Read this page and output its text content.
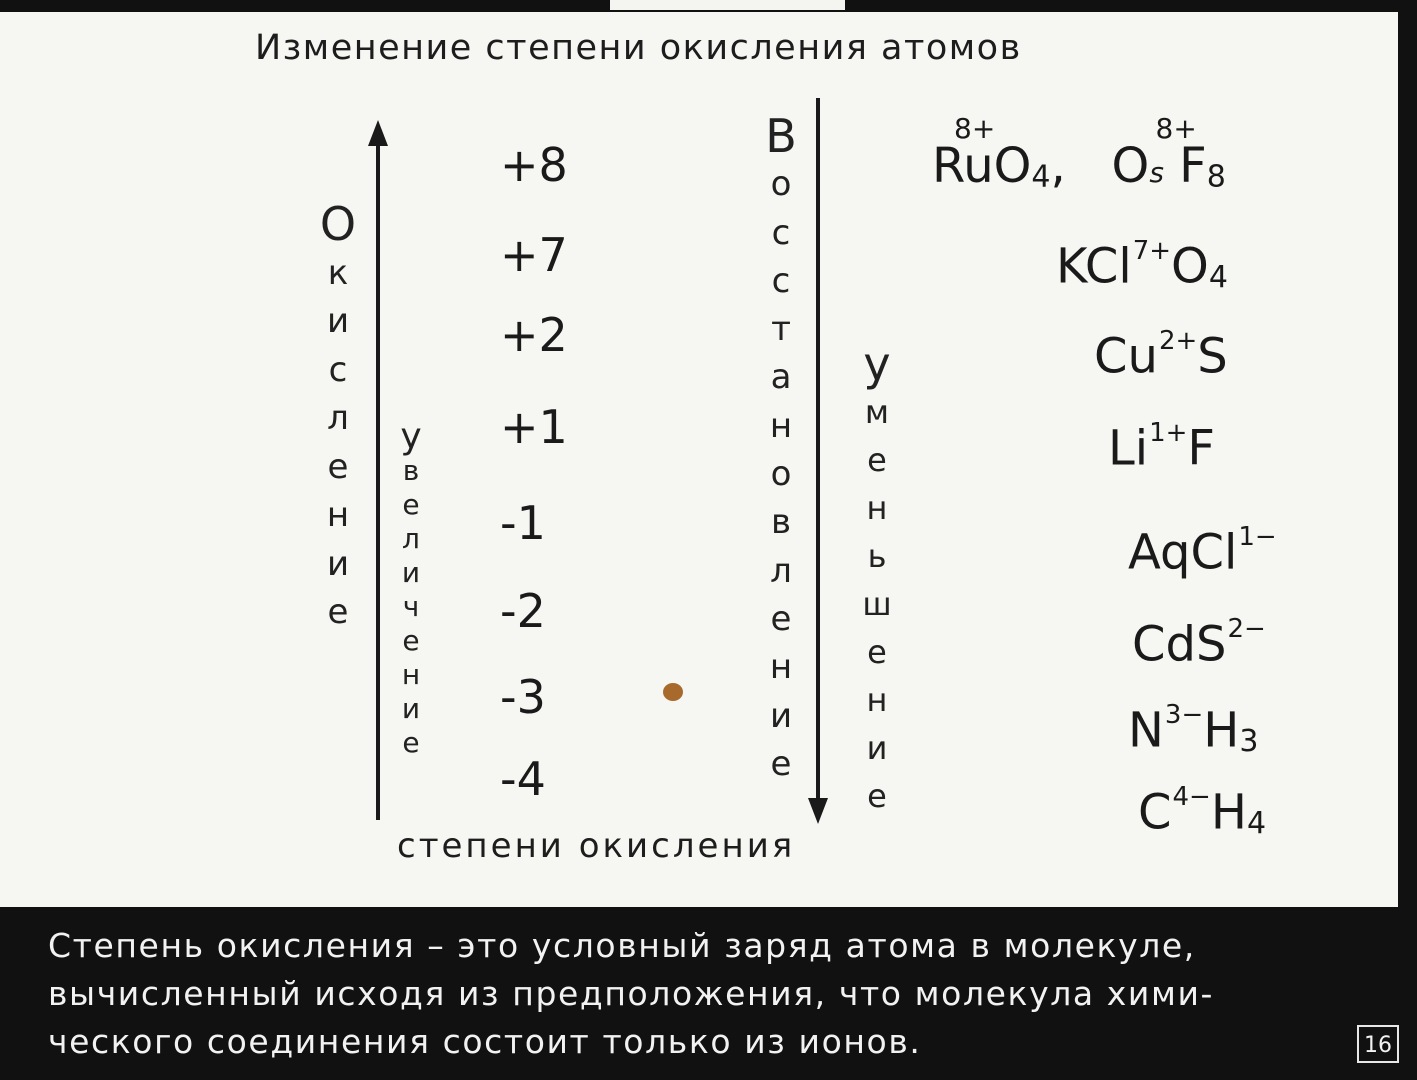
Изменение степени окисления атомов
О
к
и
с
л
е
н
и
е
у
в
е
л
и
ч
е
н
и
е
В
о
с
с
т
а
н
о
в
л
е
н
и
е
у
м
е
н
ь
ш
е
н
и
е
+8
+7
+2
+1
-1
-2
-3
-4
Ru
8+
$O_4$,   Os
8+
$F_8$
$KCl^{7+}O_4$
$Cu^{2+}S$
$Li^{1+}F$
AqCl$^{1-}$
CdS$^{2-}$
$N^{3-}H_3$
$C^{4-}H_4$
степени окисления
Степень окисления – это условный заряд атома в молекуле,
вычисленный исходя из предположения, что молекула хими-
ческого соединения состоит только из ионов.	16
